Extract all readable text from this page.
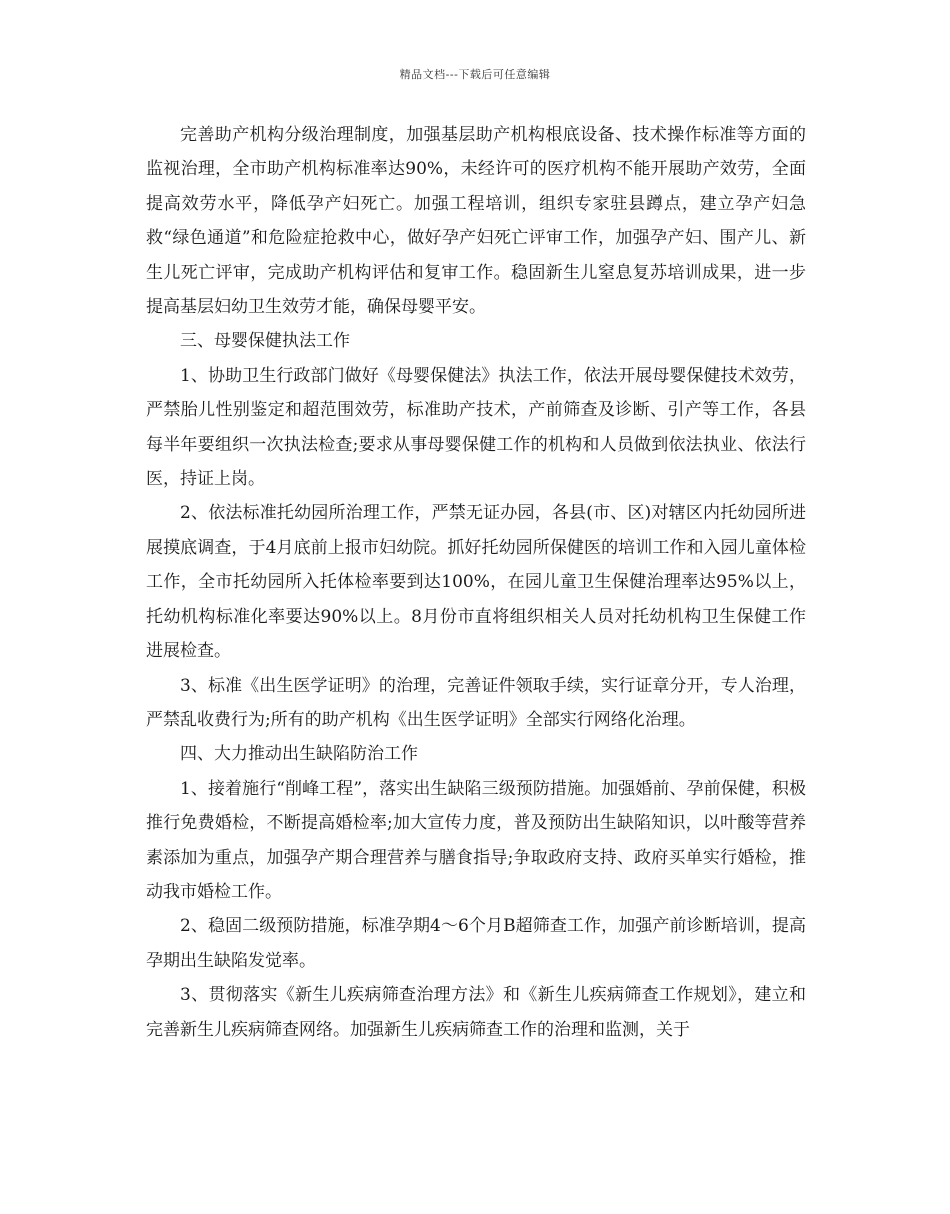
精品文档---下载后可任意编辑

完善助产机构分级治理制度，加强基层助产机构根底设备、技术操作标准等方面的监视治理，全市助产机构标准率达90%，未经许可的医疗机构不能开展助产效劳，全面提高效劳水平，降低孕产妇死亡。加强工程培训，组织专家驻县蹲点，建立孕产妇急救“绿色通道”和危险症抢救中心，做好孕产妇死亡评审工作，加强孕产妇、围产儿、新生儿死亡评审，完成助产机构评估和复审工作。稳固新生儿窒息复苏培训成果，进一步提高基层妇幼卫生效劳才能，确保母婴平安。

三、母婴保健执法工作

1、协助卫生行政部门做好《母婴保健法》执法工作，依法开展母婴保健技术效劳，严禁胎儿性别鉴定和超范围效劳，标准助产技术，产前筛查及诊断、引产等工作，各县每半年要组织一次执法检查;要求从事母婴保健工作的机构和人员做到依法执业、依法行医，持证上岗。

2、依法标准托幼园所治理工作，严禁无证办园，各县(市、区)对辖区内托幼园所进展摸底调查，于4月底前上报市妇幼院。抓好托幼园所保健医的培训工作和入园儿童体检工作，全市托幼园所入托体检率要到达100%，在园儿童卫生保健治理率达95%以上，托幼机构标准化率要达90%以上。8月份市直将组织相关人员对托幼机构卫生保健工作进展检查。

3、标准《出生医学证明》的治理，完善证件领取手续，实行证章分开，专人治理，严禁乱收费行为;所有的助产机构《出生医学证明》全部实行网络化治理。

四、大力推动出生缺陷防治工作

1、接着施行“削峰工程”，落实出生缺陷三级预防措施。加强婚前、孕前保健，积极推行免费婚检，不断提高婚检率;加大宣传力度，普及预防出生缺陷知识，以叶酸等营养素添加为重点，加强孕产期合理营养与膳食指导;争取政府支持、政府买单实行婚检，推动我市婚检工作。

2、稳固二级预防措施，标准孕期4～6个月B超筛查工作，加强产前诊断培训，提高孕期出生缺陷发觉率。

3、贯彻落实《新生儿疾病筛查治理方法》和《新生儿疾病筛查工作规划》，建立和完善新生儿疾病筛查网络。加强新生儿疾病筛查工作的治理和监测，关于
